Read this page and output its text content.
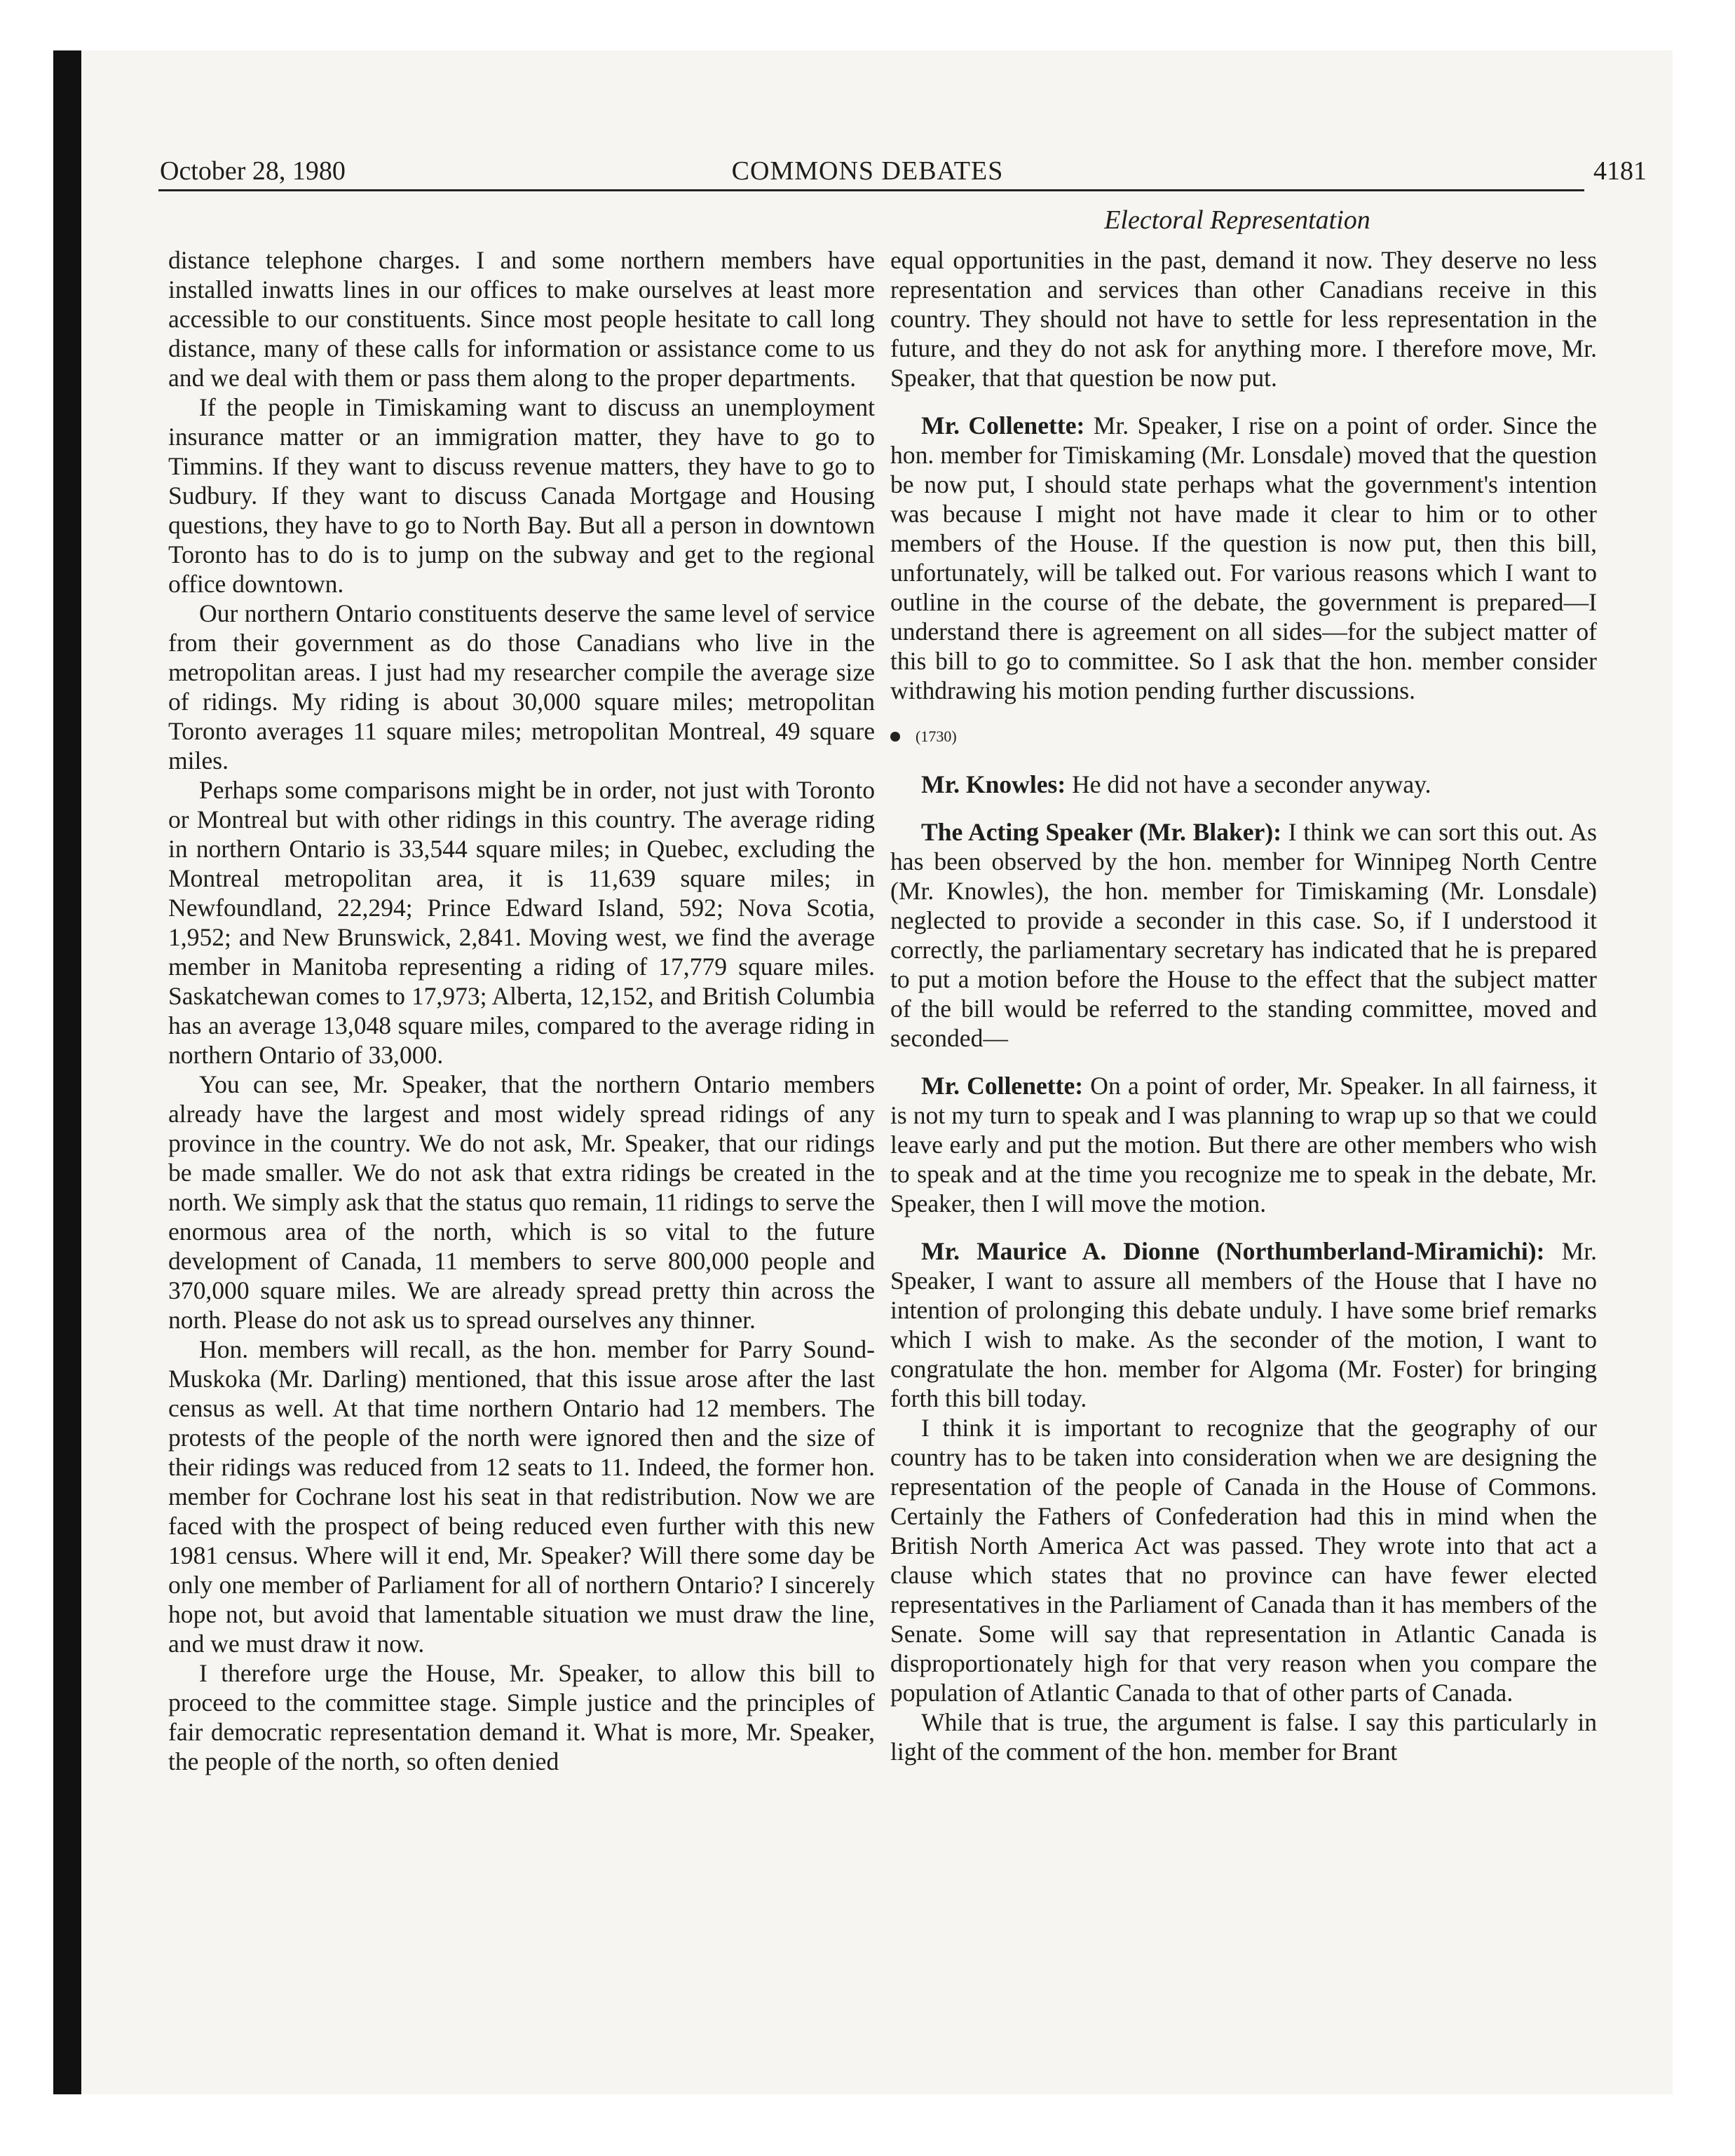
October 28, 1980	COMMONS DEBATES	4181
Electoral Representation

distance telephone charges. I and some northern members have installed inwatts lines in our offices to make ourselves at least more accessible to our constituents. Since most people hesitate to call long distance, many of these calls for information or assistance come to us and we deal with them or pass them along to the proper departments.

If the people in Timiskaming want to discuss an unemployment insurance matter or an immigration matter, they have to go to Timmins. If they want to discuss revenue matters, they have to go to Sudbury. If they want to discuss Canada Mortgage and Housing questions, they have to go to North Bay. But all a person in downtown Toronto has to do is to jump on the subway and get to the regional office downtown.

Our northern Ontario constituents deserve the same level of service from their government as do those Canadians who live in the metropolitan areas. I just had my researcher compile the average size of ridings. My riding is about 30,000 square miles; metropolitan Toronto averages 11 square miles; metropolitan Montreal, 49 square miles.

Perhaps some comparisons might be in order, not just with Toronto or Montreal but with other ridings in this country. The average riding in northern Ontario is 33,544 square miles; in Quebec, excluding the Montreal metropolitan area, it is 11,639 square miles; in Newfoundland, 22,294; Prince Edward Island, 592; Nova Scotia, 1,952; and New Brunswick, 2,841. Moving west, we find the average member in Manitoba representing a riding of 17,779 square miles. Saskatchewan comes to 17,973; Alberta, 12,152, and British Columbia has an average 13,048 square miles, compared to the average riding in northern Ontario of 33,000.

You can see, Mr. Speaker, that the northern Ontario members already have the largest and most widely spread ridings of any province in the country. We do not ask, Mr. Speaker, that our ridings be made smaller. We do not ask that extra ridings be created in the north. We simply ask that the status quo remain, 11 ridings to serve the enormous area of the north, which is so vital to the future development of Canada, 11 members to serve 800,000 people and 370,000 square miles. We are already spread pretty thin across the north. Please do not ask us to spread ourselves any thinner.

Hon. members will recall, as the hon. member for Parry Sound-Muskoka (Mr. Darling) mentioned, that this issue arose after the last census as well. At that time northern Ontario had 12 members. The protests of the people of the north were ignored then and the size of their ridings was reduced from 12 seats to 11. Indeed, the former hon. member for Cochrane lost his seat in that redistribution. Now we are faced with the prospect of being reduced even further with this new 1981 census. Where will it end, Mr. Speaker? Will there some day be only one member of Parliament for all of northern Ontario? I sincerely hope not, but avoid that lamentable situation we must draw the line, and we must draw it now.

I therefore urge the House, Mr. Speaker, to allow this bill to proceed to the committee stage. Simple justice and the principles of fair democratic representation demand it. What is more, Mr. Speaker, the people of the north, so often denied

equal opportunities in the past, demand it now. They deserve no less representation and services than other Canadians receive in this country. They should not have to settle for less representation in the future, and they do not ask for anything more. I therefore move, Mr. Speaker, that that question be now put.

Mr. Collenette: Mr. Speaker, I rise on a point of order. Since the hon. member for Timiskaming (Mr. Lonsdale) moved that the question be now put, I should state perhaps what the government's intention was because I might not have made it clear to him or to other members of the House. If the question is now put, then this bill, unfortunately, will be talked out. For various reasons which I want to outline in the course of the debate, the government is prepared—I understand there is agreement on all sides—for the subject matter of this bill to go to committee. So I ask that the hon. member consider withdrawing his motion pending further discussions.

(1730)

Mr. Knowles: He did not have a seconder anyway.

The Acting Speaker (Mr. Blaker): I think we can sort this out. As has been observed by the hon. member for Winnipeg North Centre (Mr. Knowles), the hon. member for Timiskaming (Mr. Lonsdale) neglected to provide a seconder in this case. So, if I understood it correctly, the parliamentary secretary has indicated that he is prepared to put a motion before the House to the effect that the subject matter of the bill would be referred to the standing committee, moved and seconded—

Mr. Collenette: On a point of order, Mr. Speaker. In all fairness, it is not my turn to speak and I was planning to wrap up so that we could leave early and put the motion. But there are other members who wish to speak and at the time you recognize me to speak in the debate, Mr. Speaker, then I will move the motion.

Mr. Maurice A. Dionne (Northumberland-Miramichi): Mr. Speaker, I want to assure all members of the House that I have no intention of prolonging this debate unduly. I have some brief remarks which I wish to make. As the seconder of the motion, I want to congratulate the hon. member for Algoma (Mr. Foster) for bringing forth this bill today.

I think it is important to recognize that the geography of our country has to be taken into consideration when we are designing the representation of the people of Canada in the House of Commons. Certainly the Fathers of Confederation had this in mind when the British North America Act was passed. They wrote into that act a clause which states that no province can have fewer elected representatives in the Parliament of Canada than it has members of the Senate. Some will say that representation in Atlantic Canada is disproportionately high for that very reason when you compare the population of Atlantic Canada to that of other parts of Canada.

While that is true, the argument is false. I say this particularly in light of the comment of the hon. member for Brant
